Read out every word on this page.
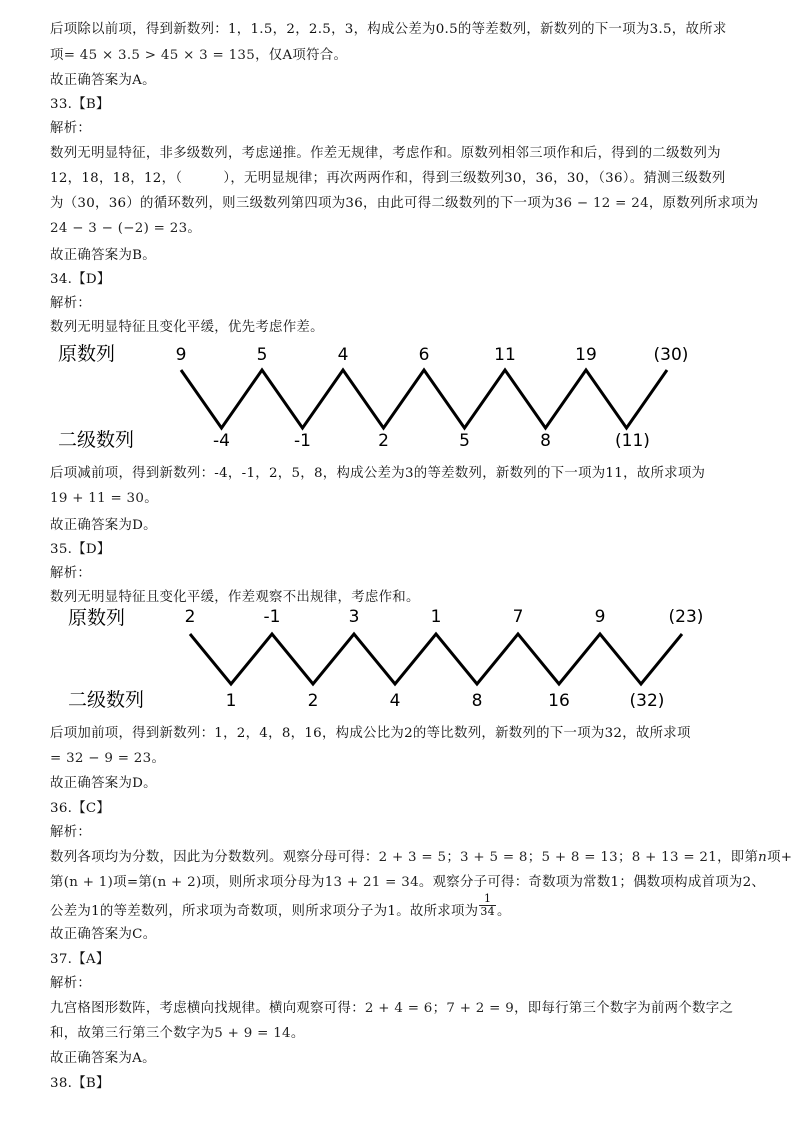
后项除以前项，得到新数列：1，1.5，2，2.5，3，构成公差为0.5的等差数列，新数列的下一项为3.5，故所求
项= 45 × 3.5 > 45 × 3 = 135，仅A项符合。
故正确答案为A。
33.【B】
解析：
数列无明显特征，非多级数列，考虑递推。作差无规律，考虑作和。原数列相邻三项作和后，得到的二级数列为
12，18，18，12，（　　　），无明显规律；再次两两作和，得到三级数列30，36，30，（36）。猜测三级数列
为（30，36）的循环数列，则三级数列第四项为36，由此可得二级数列的下一项为36 − 12 = 24，原数列所求项为
24 − 3 − (−2) = 23。
故正确答案为B。
34.【D】
解析：
数列无明显特征且变化平缓，优先考虑作差。
原数列
二级数列
9	5	4	6	11	19	(30)
-4	-1	2	5	8	(11)
后项减前项，得到新数列：-4，-1，2，5，8，构成公差为3的等差数列，新数列的下一项为11，故所求项为
19 + 11 = 30。
故正确答案为D。
35.【D】
解析：
数列无明显特征且变化平缓，作差观察不出规律，考虑作和。
原数列
二级数列
2	-1	3	1	7	9	(23)
1	2	4	8	16	(32)
后项加前项，得到新数列：1，2，4，8，16，构成公比为2的等比数列，新数列的下一项为32，故所求项
= 32 − 9 = 23。
故正确答案为D。
36.【C】
解析：
数列各项均为分数，因此为分数数列。观察分母可得：2 + 3 = 5；3 + 5 = 8；5 + 8 = 13；8 + 13 = 21，即第n项+
第(n + 1)项=第(n + 2)项，则所求项分母为13 + 21 = 34。观察分子可得：奇数项为常数1；偶数项构成首项为2、
公差为1的等差数列，所求项为奇数项，则所求项分子为1。故所求项为 $\frac{1}{34}$ 。
故正确答案为C。
37.【A】
解析：
九宫格图形数阵，考虑横向找规律。横向观察可得：2 + 4 = 6；7 + 2 = 9，即每行第三个数字为前两个数字之
和，故第三行第三个数字为5 + 9 = 14。
故正确答案为A。
38.【B】
